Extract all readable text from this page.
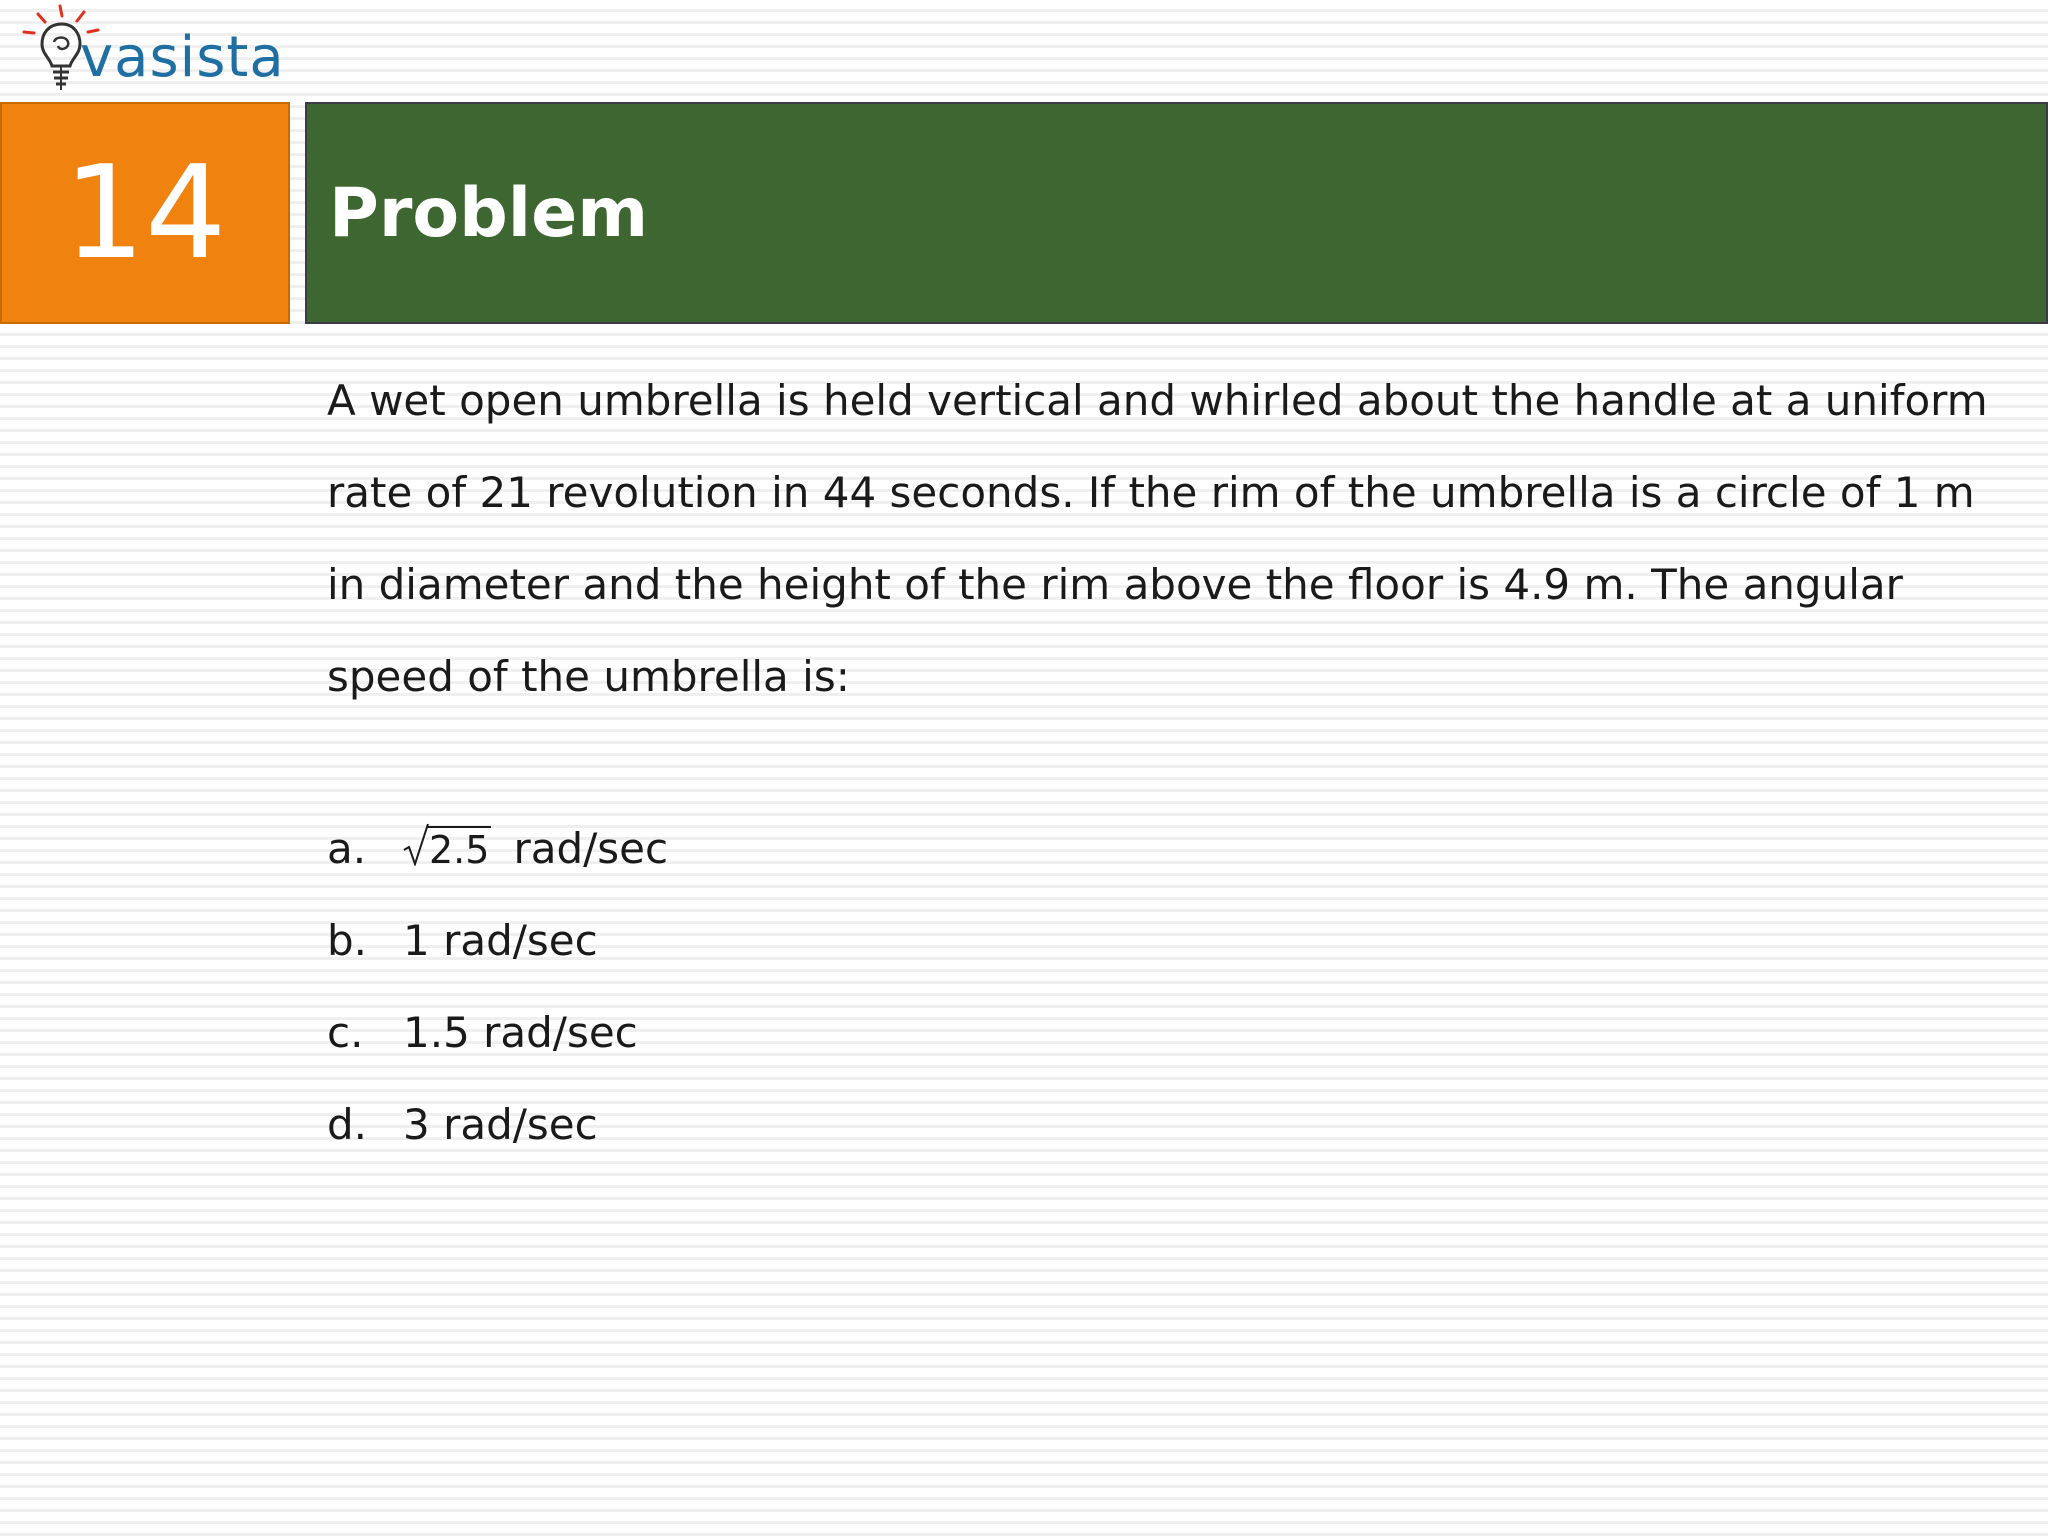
vasista
14	Problem

A wet open umbrella is held vertical and whirled about the handle at a uniform rate of 21 revolution in 44 seconds. If the rim of the umbrella is a circle of 1 m in diameter and the height of the rim above the floor is 4.9 m. The angular speed of the umbrella is:

a. 2.5 rad/sec
b. 1 rad/sec
c. 1.5 rad/sec
d. 3 rad/sec
